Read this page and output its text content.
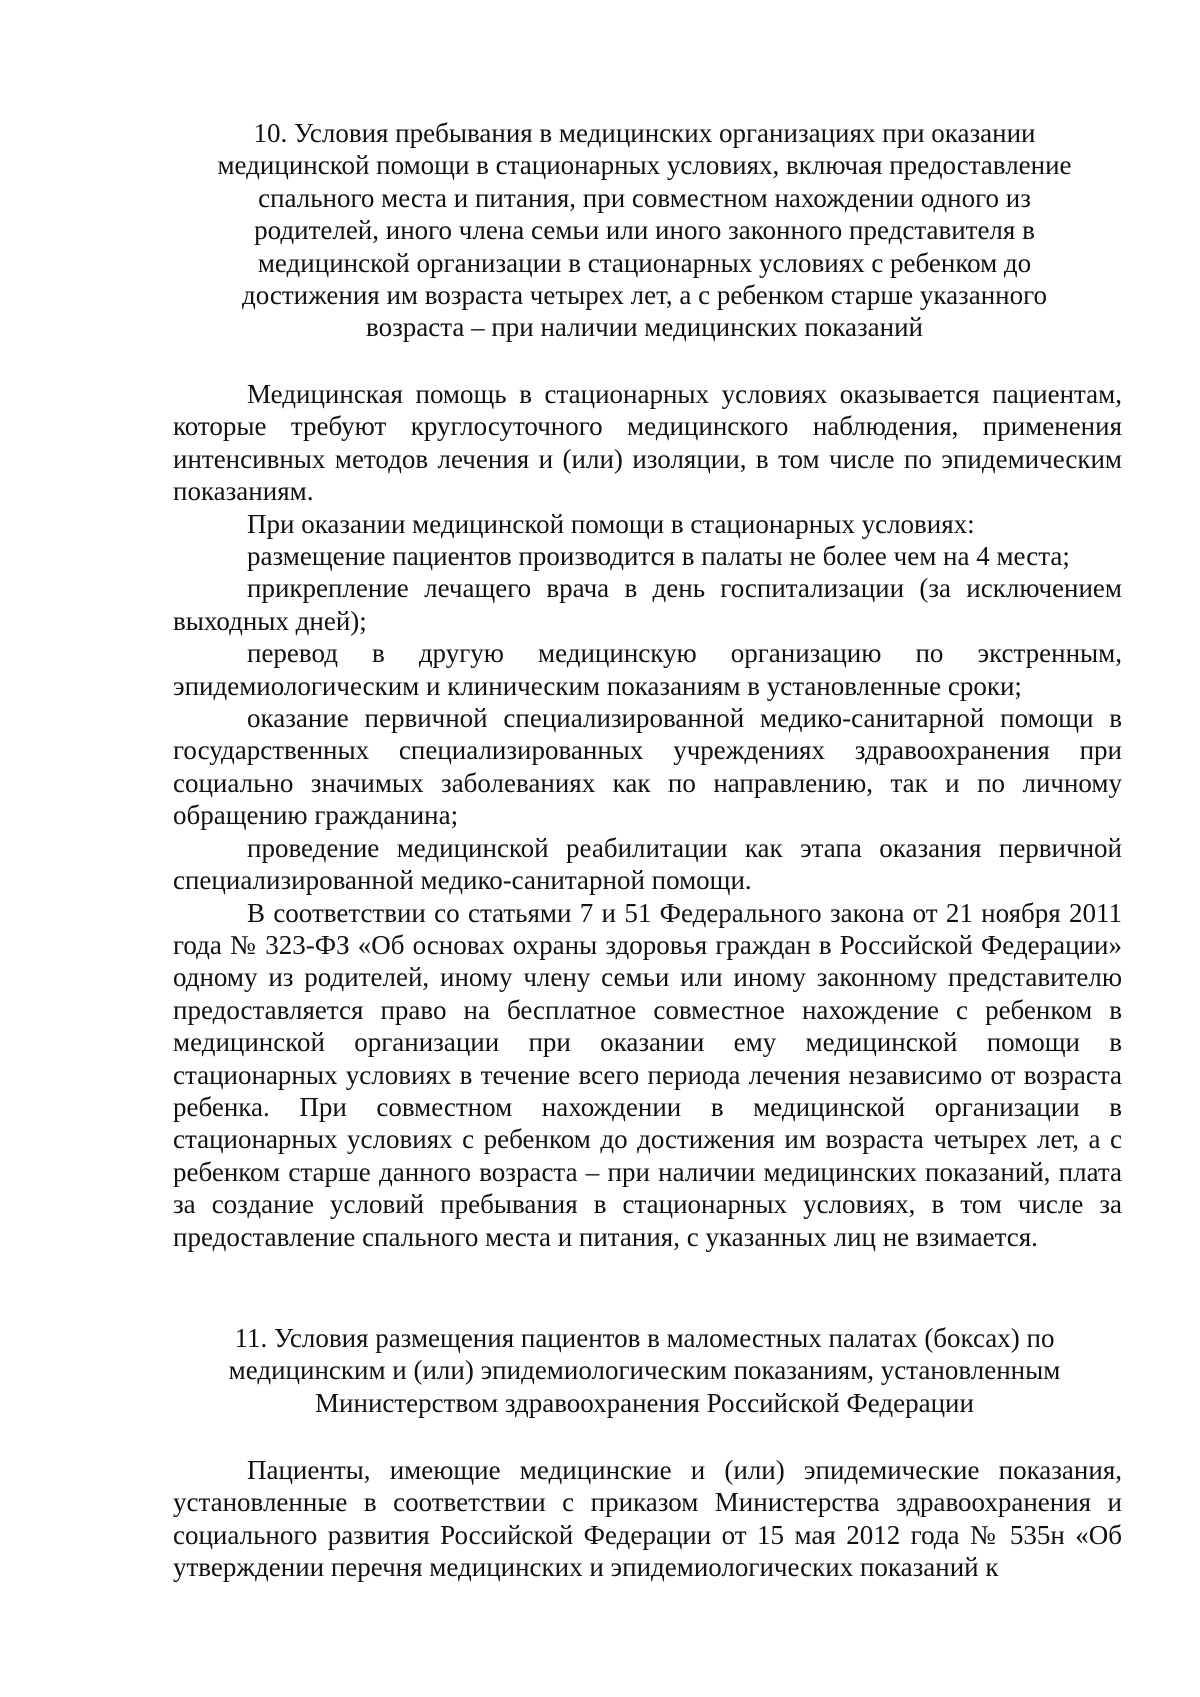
10. Условия пребывания в медицинских организациях при оказании
медицинской помощи в стационарных условиях, включая предоставление
спального места и питания, при совместном нахождении одного из
родителей, иного члена семьи или иного законного представителя в
медицинской организации в стационарных условиях с ребенком до
достижения им возраста четырех лет, а с ребенком старше указанного
возраста – при наличии медицинских показаний

Медицинская помощь в стационарных условиях оказывается пациентам, которые требуют круглосуточного медицинского наблюдения, применения интенсивных методов лечения и (или) изоляции, в том числе по эпидемическим показаниям.

При оказании медицинской помощи в стационарных условиях:

размещение пациентов производится в палаты не более чем на 4 места;

прикрепление лечащего врача в день госпитализации (за исключением выходных дней);

перевод в другую медицинскую организацию по экстренным, эпидемиологическим и клиническим показаниям в установленные сроки;

оказание первичной специализированной медико-санитарной помощи в государственных специализированных учреждениях здравоохранения при социально значимых заболеваниях как по направлению, так и по личному обращению гражданина;

проведение медицинской реабилитации как этапа оказания первичной специализированной медико-санитарной помощи.

В соответствии со статьями 7 и 51 Федерального закона от 21 ноября 2011 года № 323-ФЗ «Об основах охраны здоровья граждан в Российской Федерации» одному из родителей, иному члену семьи или иному законному представителю предоставляется право на бесплатное совместное нахождение с ребенком в медицинской организации при оказании ему медицинской помощи в стационарных условиях в течение всего периода лечения независимо от возраста ребенка. При совместном нахождении в медицинской организации в стационарных условиях с ребенком до достижения им возраста четырех лет, а с ребенком старше данного возраста – при наличии медицинских показаний, плата за создание условий пребывания в стационарных условиях, в том числе за предоставление спального места и питания, с указанных лиц не взимается.

11. Условия размещения пациентов в маломестных палатах (боксах) по
медицинским и (или) эпидемиологическим показаниям, установленным
Министерством здравоохранения Российской Федерации

Пациенты, имеющие медицинские и (или) эпидемические показания, установленные в соответствии с приказом Министерства здравоохранения и социального развития Российской Федерации от 15 мая 2012 года № 535н «Об утверждении перечня медицинских и эпидемиологических показаний к
